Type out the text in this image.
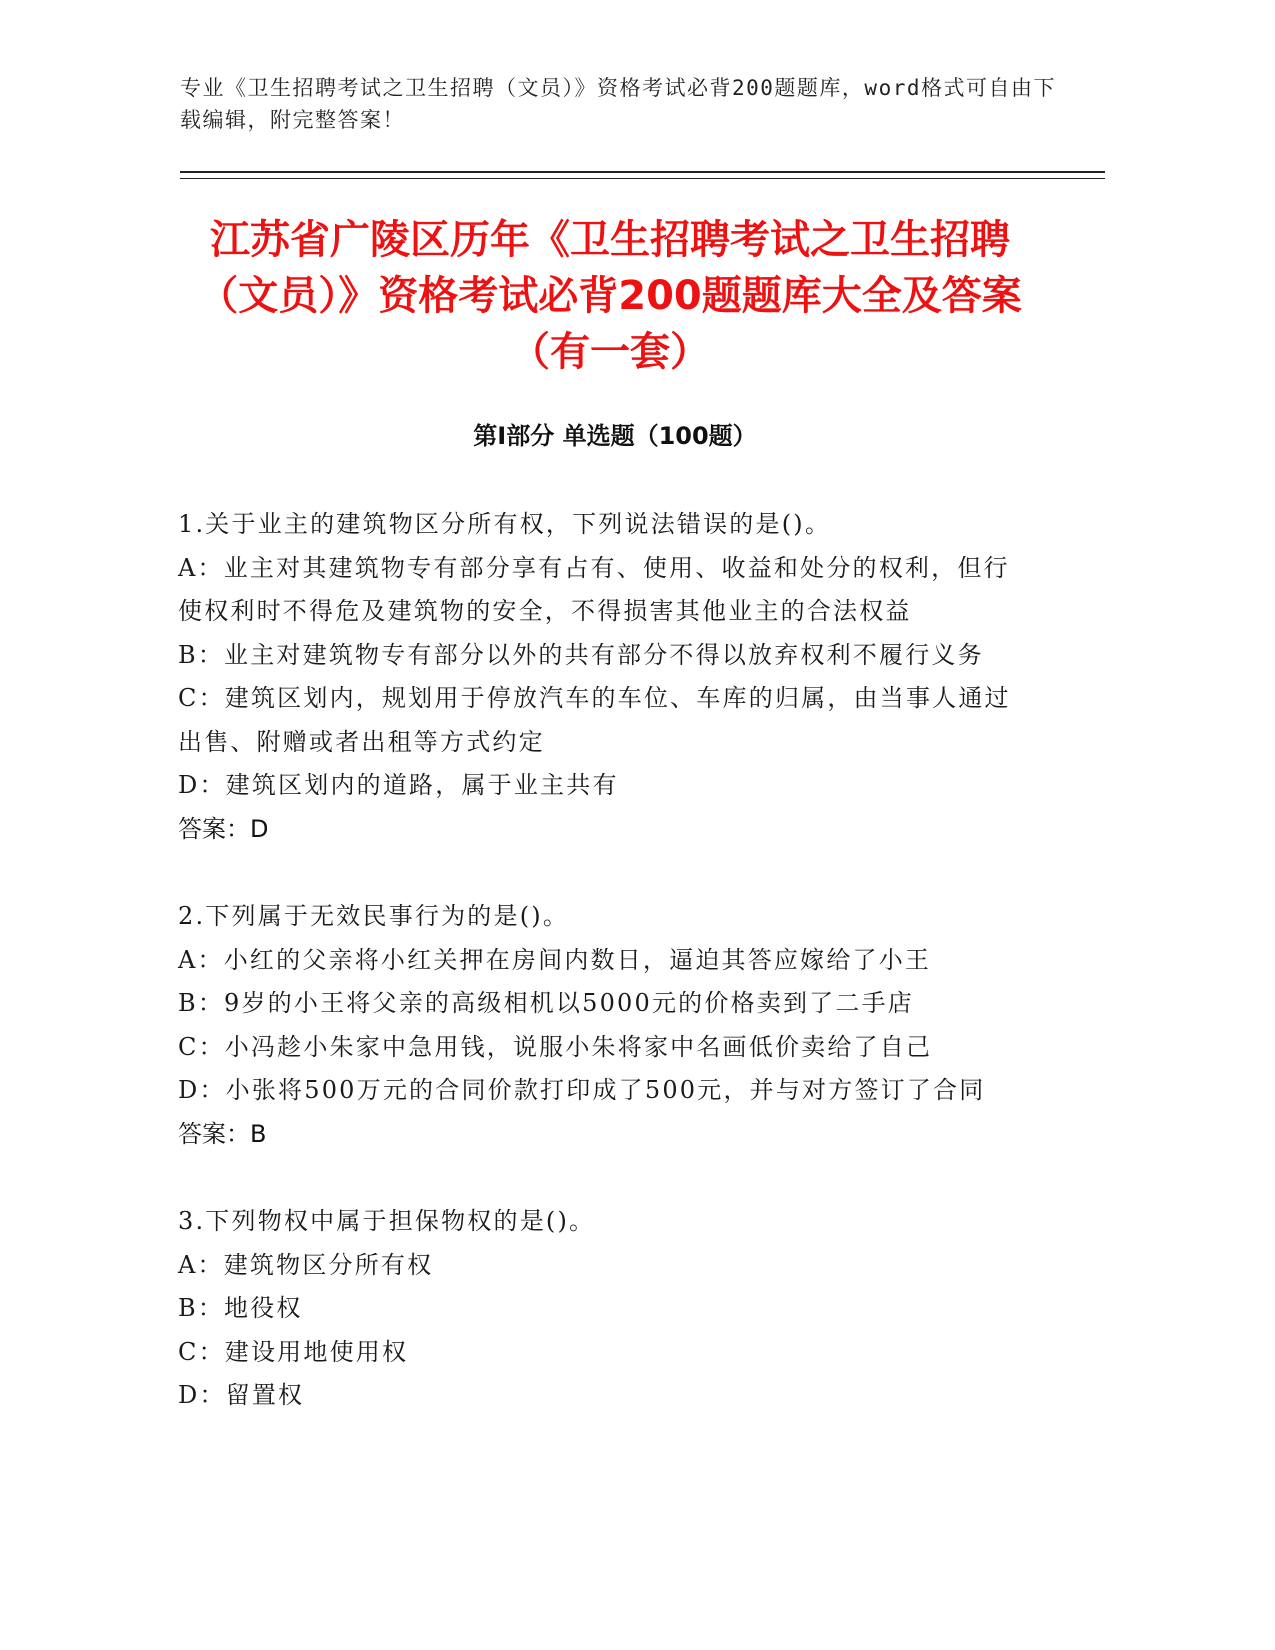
专业《卫生招聘考试之卫生招聘（文员）》资格考试必背200题题库，word格式可自由下载编辑，附完整答案！
江苏省广陵区历年《卫生招聘考试之卫生招聘（文员）》资格考试必背200题题库大全及答案（有一套）
第Ⅰ部分 单选题（100题）
1.关于业主的建筑物区分所有权，下列说法错误的是()。
A：业主对其建筑物专有部分享有占有、使用、收益和处分的权利，但行使权利时不得危及建筑物的安全，不得损害其他业主的合法权益
B：业主对建筑物专有部分以外的共有部分不得以放弃权利不履行义务
C：建筑区划内，规划用于停放汽车的车位、车库的归属，由当事人通过出售、附赠或者出租等方式约定
D：建筑区划内的道路，属于业主共有
答案：D
2.下列属于无效民事行为的是()。
A：小红的父亲将小红关押在房间内数日，逼迫其答应嫁给了小王
B：9岁的小王将父亲的高级相机以5000元的价格卖到了二手店
C：小冯趁小朱家中急用钱，说服小朱将家中名画低价卖给了自己
D：小张将500万元的合同价款打印成了500元，并与对方签订了合同
答案：B
3.下列物权中属于担保物权的是()。
A：建筑物区分所有权
B：地役权
C：建设用地使用权
D：留置权
